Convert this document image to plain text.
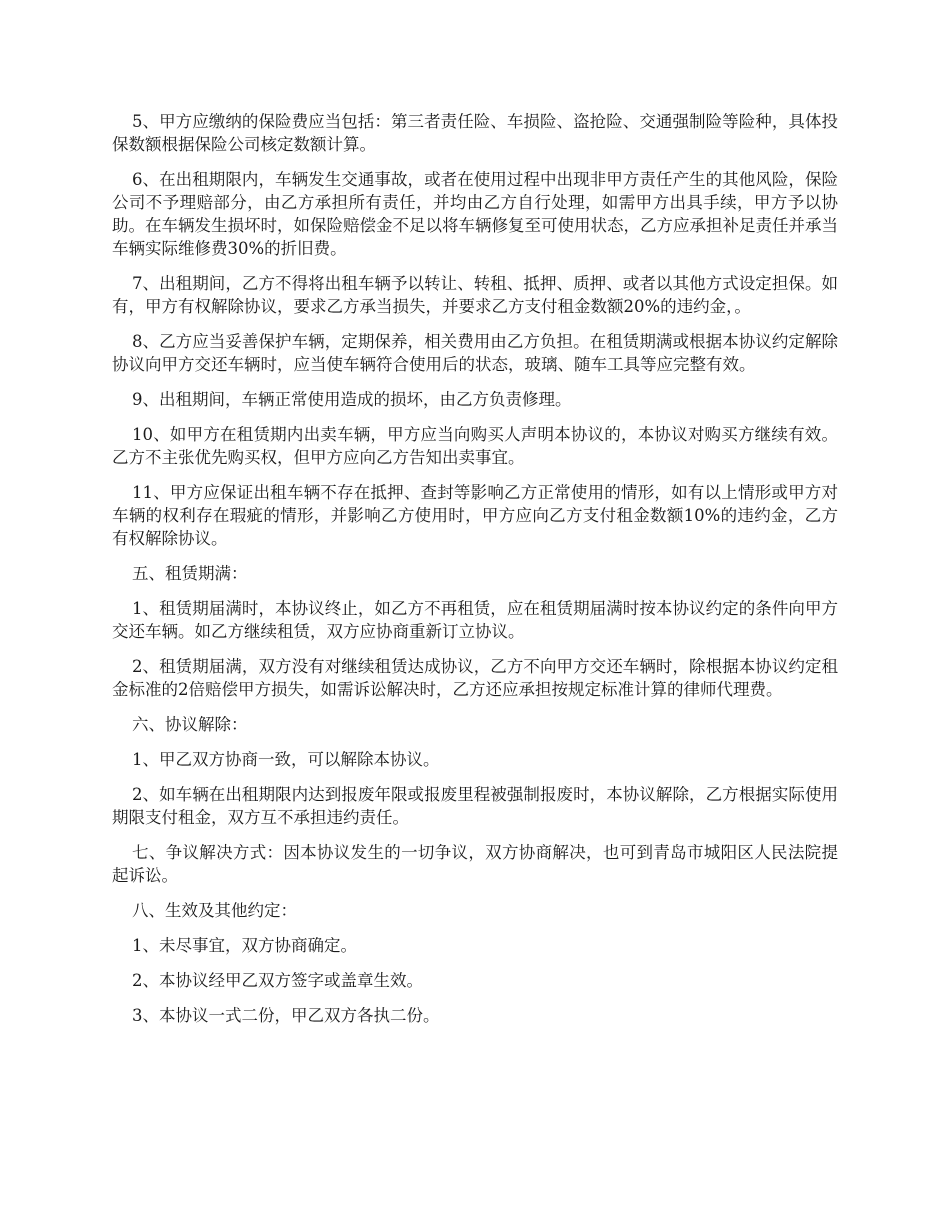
5、甲方应缴纳的保险费应当包括：第三者责任险、车损险、盗抢险、交通强制险等险种，具体投保数额根据保险公司核定数额计算。

6、在出租期限内，车辆发生交通事故，或者在使用过程中出现非甲方责任产生的其他风险，保险公司不予理赔部分，由乙方承担所有责任，并均由乙方自行处理，如需甲方出具手续，甲方予以协助。在车辆发生损坏时，如保险赔偿金不足以将车辆修复至可使用状态，乙方应承担补足责任并承当车辆实际维修费30%的折旧费。

7、出租期间，乙方不得将出租车辆予以转让、转租、抵押、质押、或者以其他方式设定担保。如有，甲方有权解除协议，要求乙方承当损失，并要求乙方支付租金数额20%的违约金，。

8、乙方应当妥善保护车辆，定期保养，相关费用由乙方负担。在租赁期满或根据本协议约定解除协议向甲方交还车辆时，应当使车辆符合使用后的状态，玻璃、随车工具等应完整有效。

9、出租期间，车辆正常使用造成的损坏，由乙方负责修理。

10、如甲方在租赁期内出卖车辆，甲方应当向购买人声明本协议的，本协议对购买方继续有效。乙方不主张优先购买权，但甲方应向乙方告知出卖事宜。

11、甲方应保证出租车辆不存在抵押、查封等影响乙方正常使用的情形，如有以上情形或甲方对车辆的权利存在瑕疵的情形，并影响乙方使用时，甲方应向乙方支付租金数额10%的违约金，乙方有权解除协议。

五、租赁期满：

1、租赁期届满时，本协议终止，如乙方不再租赁，应在租赁期届满时按本协议约定的条件向甲方交还车辆。如乙方继续租赁，双方应协商重新订立协议。

2、租赁期届满，双方没有对继续租赁达成协议，乙方不向甲方交还车辆时，除根据本协议约定租金标准的2倍赔偿甲方损失，如需诉讼解决时，乙方还应承担按规定标准计算的律师代理费。

六、协议解除：

1、甲乙双方协商一致，可以解除本协议。

2、如车辆在出租期限内达到报废年限或报废里程被强制报废时，本协议解除，乙方根据实际使用期限支付租金，双方互不承担违约责任。

七、争议解决方式：因本协议发生的一切争议，双方协商解决，也可到青岛市城阳区人民法院提起诉讼。

八、生效及其他约定：

1、未尽事宜，双方协商确定。

2、本协议经甲乙双方签字或盖章生效。

3、本协议一式二份，甲乙双方各执二份。
